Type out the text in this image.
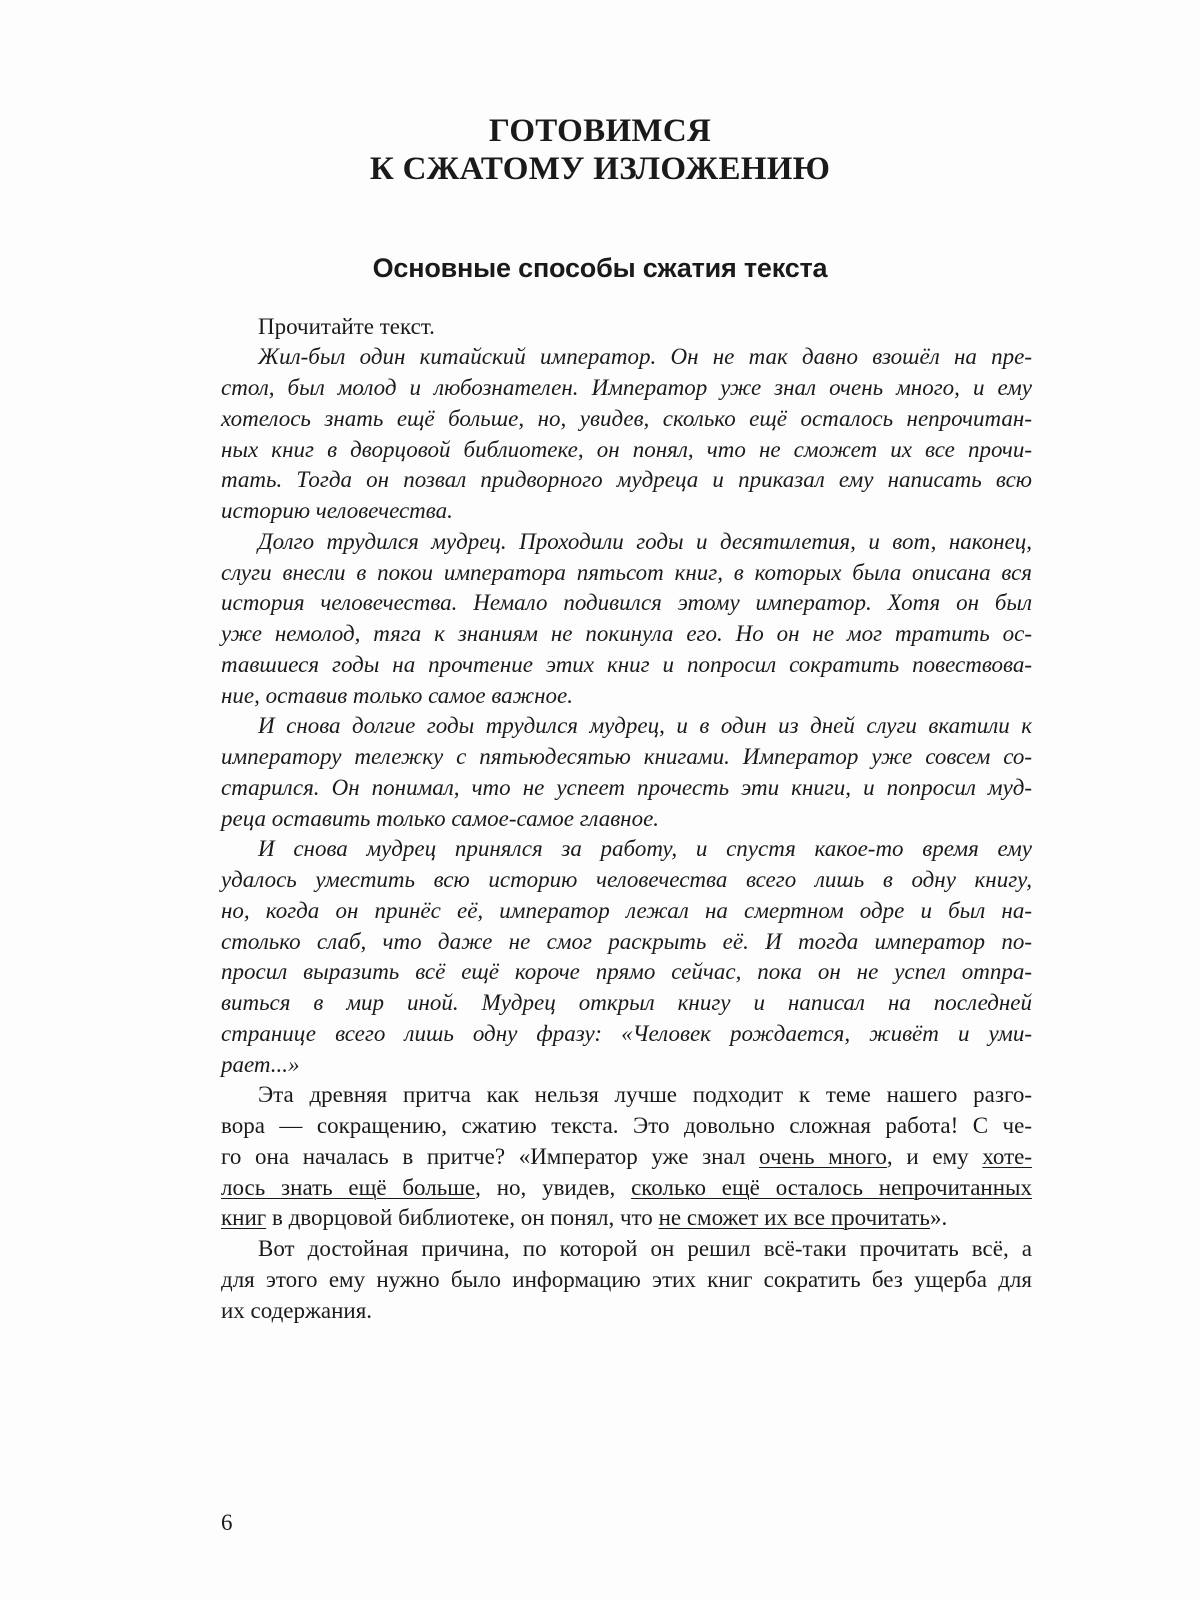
ГОТОВИМСЯ
К СЖАТОМУ ИЗЛОЖЕНИЮ
Основные способы сжатия текста
Прочитайте текст.
Жил-был один китайский император. Он не так давно взошёл на пре-
стол, был молод и любознателен. Император уже знал очень много, и ему
хотелось знать ещё больше, но, увидев, сколько ещё осталось непрочитан-
ных книг в дворцовой библиотеке, он понял, что не сможет их все прочи-
тать. Тогда он позвал придворного мудреца и приказал ему написать всю
историю человечества.
Долго трудился мудрец. Проходили годы и десятилетия, и вот, наконец,
слуги внесли в покои императора пятьсот книг, в которых была описана вся
история человечества. Немало подивился этому император. Хотя он был
уже немолод, тяга к знаниям не покинула его. Но он не мог тратить ос-
тавшиеся годы на прочтение этих книг и попросил сократить повествова-
ние, оставив только самое важное.
И снова долгие годы трудился мудрец, и в один из дней слуги вкатили к
императору тележку с пятьюдесятью книгами. Император уже совсем со-
старился. Он понимал, что не успеет прочесть эти книги, и попросил муд-
реца оставить только самое-самое главное.
И снова мудрец принялся за работу, и спустя какое-то время ему
удалось уместить всю историю человечества всего лишь в одну книгу,
но, когда он принёс её, император лежал на смертном одре и был на-
столько слаб, что даже не смог раскрыть её. И тогда император по-
просил выразить всё ещё короче прямо сейчас, пока он не успел отпра-
виться в мир иной. Мудрец открыл книгу и написал на последней
странице всего лишь одну фразу: «Человек рождается, живёт и уми-
рает...»
Эта древняя притча как нельзя лучше подходит к теме нашего разго-
вора — сокращению, сжатию текста. Это довольно сложная работа! С че-
го она началась в притче? «Император уже знал очень много, и ему хоте-
лось знать ещё больше, но, увидев, сколько ещё осталось непрочитанных
книг в дворцовой библиотеке, он понял, что не сможет их все прочитать».
Вот достойная причина, по которой он решил всё-таки прочитать всё, а
для этого ему нужно было информацию этих книг сократить без ущерба для
их содержания.
6
